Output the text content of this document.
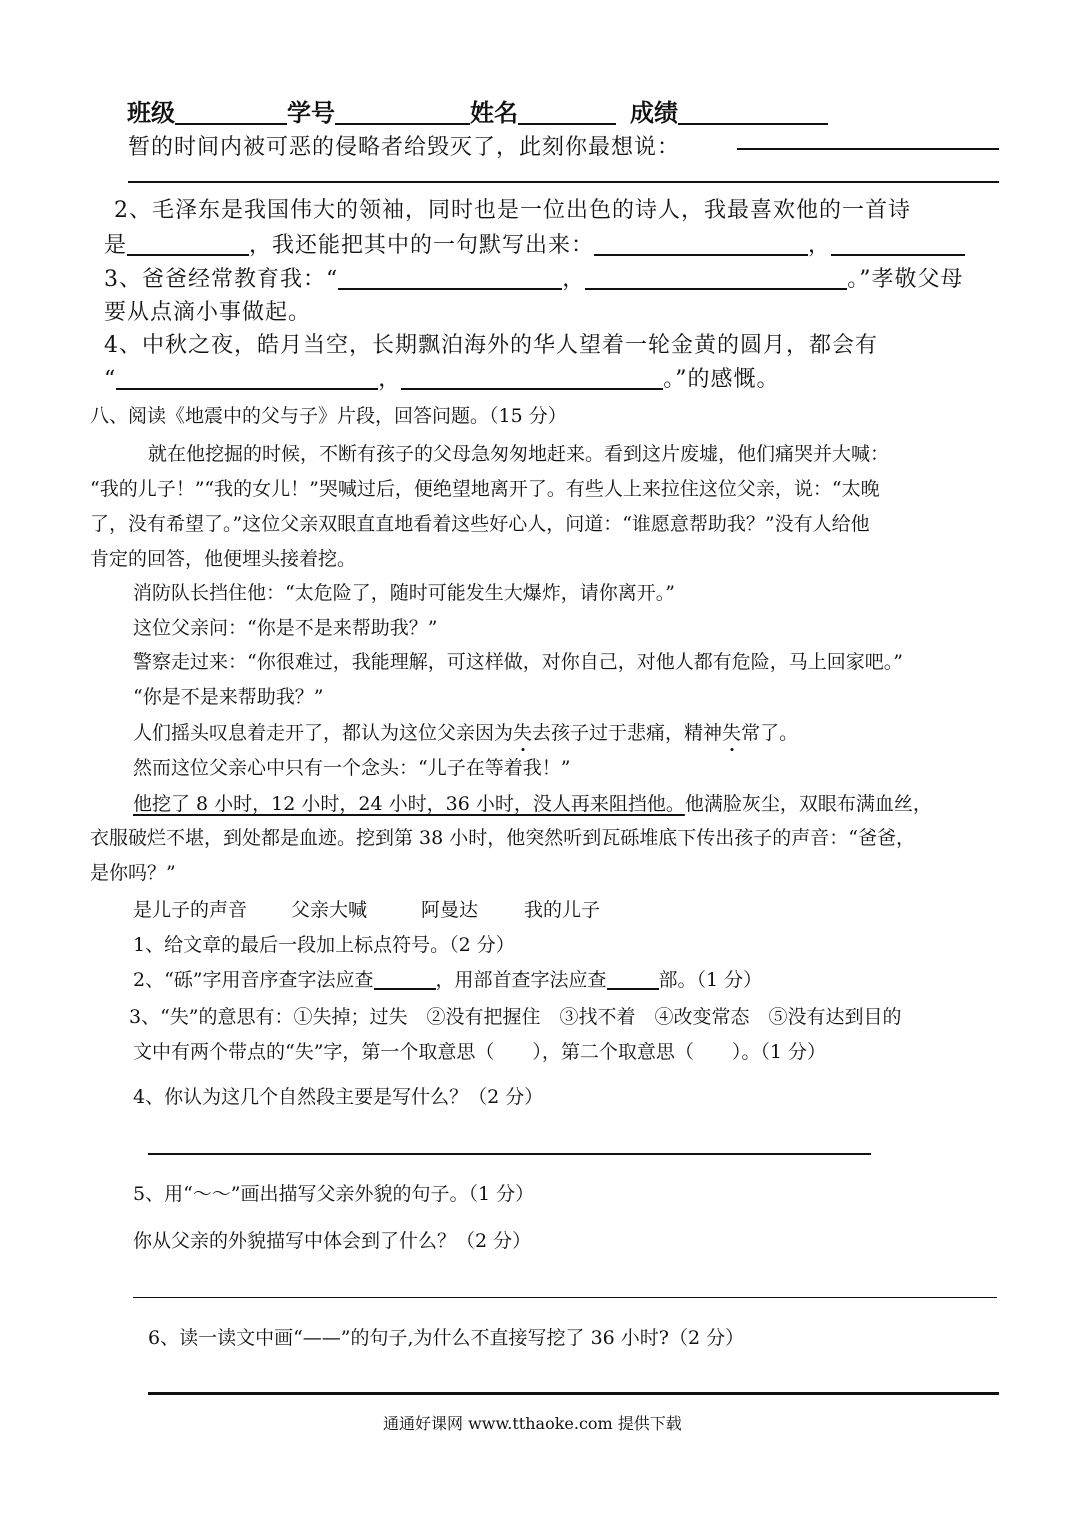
班级	学号	姓名	成绩
暂的时间内被可恶的侵略者给毁灭了，此刻你最想说：
2、毛泽东是我国伟大的领袖，同时也是一位出色的诗人，我最喜欢他的一首诗
是	，我还能把其中的一句默写出来：	，
3、爸爸经常教育我：“	，	。”孝敬父母
要从点滴小事做起。
4、中秋之夜，皓月当空，长期飘泊海外的华人望着一轮金黄的圆月，都会有
“	，	。”的感慨。
八、阅读《地震中的父与子》片段，回答问题。（15 分）
就在他挖掘的时候，不断有孩子的父母急匆匆地赶来。看到这片废墟，他们痛哭并大喊：
“我的儿子！”“我的女儿！”哭喊过后，便绝望地离开了。有些人上来拉住这位父亲，说：“太晚
了，没有希望了。”这位父亲双眼直直地看着这些好心人，问道：“谁愿意帮助我？”没有人给他
肯定的回答，他便埋头接着挖。
消防队长挡住他：“太危险了，随时可能发生大爆炸，请你离开。”
这位父亲问：“你是不是来帮助我？”
警察走过来：“你很难过，我能理解，可这样做，对你自己，对他人都有危险，马上回家吧。”
“你是不是来帮助我？”
人们摇头叹息着走开了，都认为这位父亲因为失去孩子过于悲痛，精神失常了。
然而这位父亲心中只有一个念头：“儿子在等着我！”
他挖了 8 小时，12 小时，24 小时，36 小时，没人再来阻挡他。他满脸灰尘，双眼布满血丝，
衣服破烂不堪，到处都是血迹。挖到第 38 小时，他突然听到瓦砾堆底下传出孩子的声音：“爸爸，
是你吗？”
是儿子的声音 父亲大喊	阿曼达 我的儿子
1、给文章的最后一段加上标点符号。（2 分）
2、“砾”字用音序查字法应查	，用部首查字法应查	部。（1 分）
3、“失”的意思有：①失掉；过失　②没有把握住　③找不着　④改变常态　⑤没有达到目的
文中有两个带点的“失”字，第一个取意思（　　），第二个取意思（　　）。（1 分）
4、你认为这几个自然段主要是写什么？（2 分）
5、用“～～”画出描写父亲外貌的句子。（1 分）
你从父亲的外貌描写中体会到了什么？（2 分）
6、读一读文中画“——”的句子,为什么不直接写挖了 36 小时?（2 分）
通通好课网 www.tthaoke.com 提供下载
